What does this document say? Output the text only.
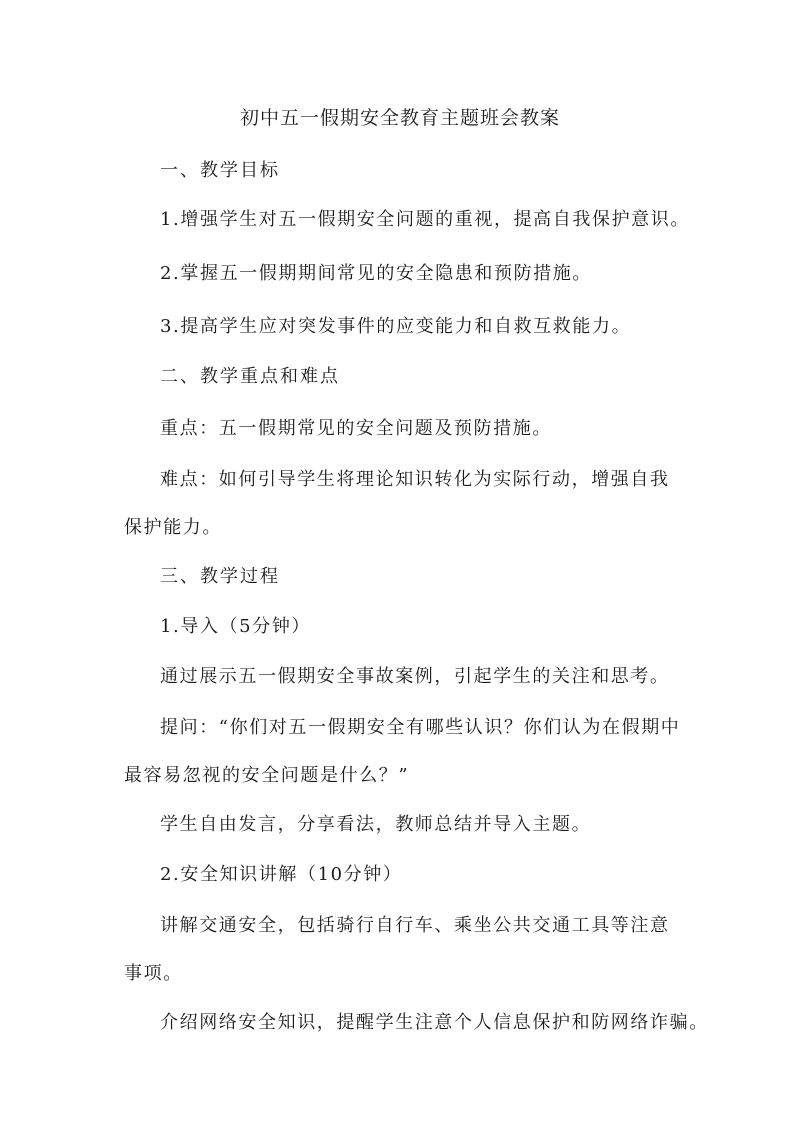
初中五一假期安全教育主题班会教案
一、教学目标
1.增强学生对五一假期安全问题的重视，提高自我保护意识。
2.掌握五一假期期间常见的安全隐患和预防措施。
3.提高学生应对突发事件的应变能力和自救互救能力。
二、教学重点和难点
重点：五一假期常见的安全问题及预防措施。
难点：如何引导学生将理论知识转化为实际行动，增强自我保护能力。
三、教学过程
1.导入（5分钟）
通过展示五一假期安全事故案例，引起学生的关注和思考。
提问：“你们对五一假期安全有哪些认识？你们认为在假期中最容易忽视的安全问题是什么？”
学生自由发言，分享看法，教师总结并导入主题。
2.安全知识讲解（10分钟）
讲解交通安全，包括骑行自行车、乘坐公共交通工具等注意事项。
介绍网络安全知识，提醒学生注意个人信息保护和防网络诈骗。
